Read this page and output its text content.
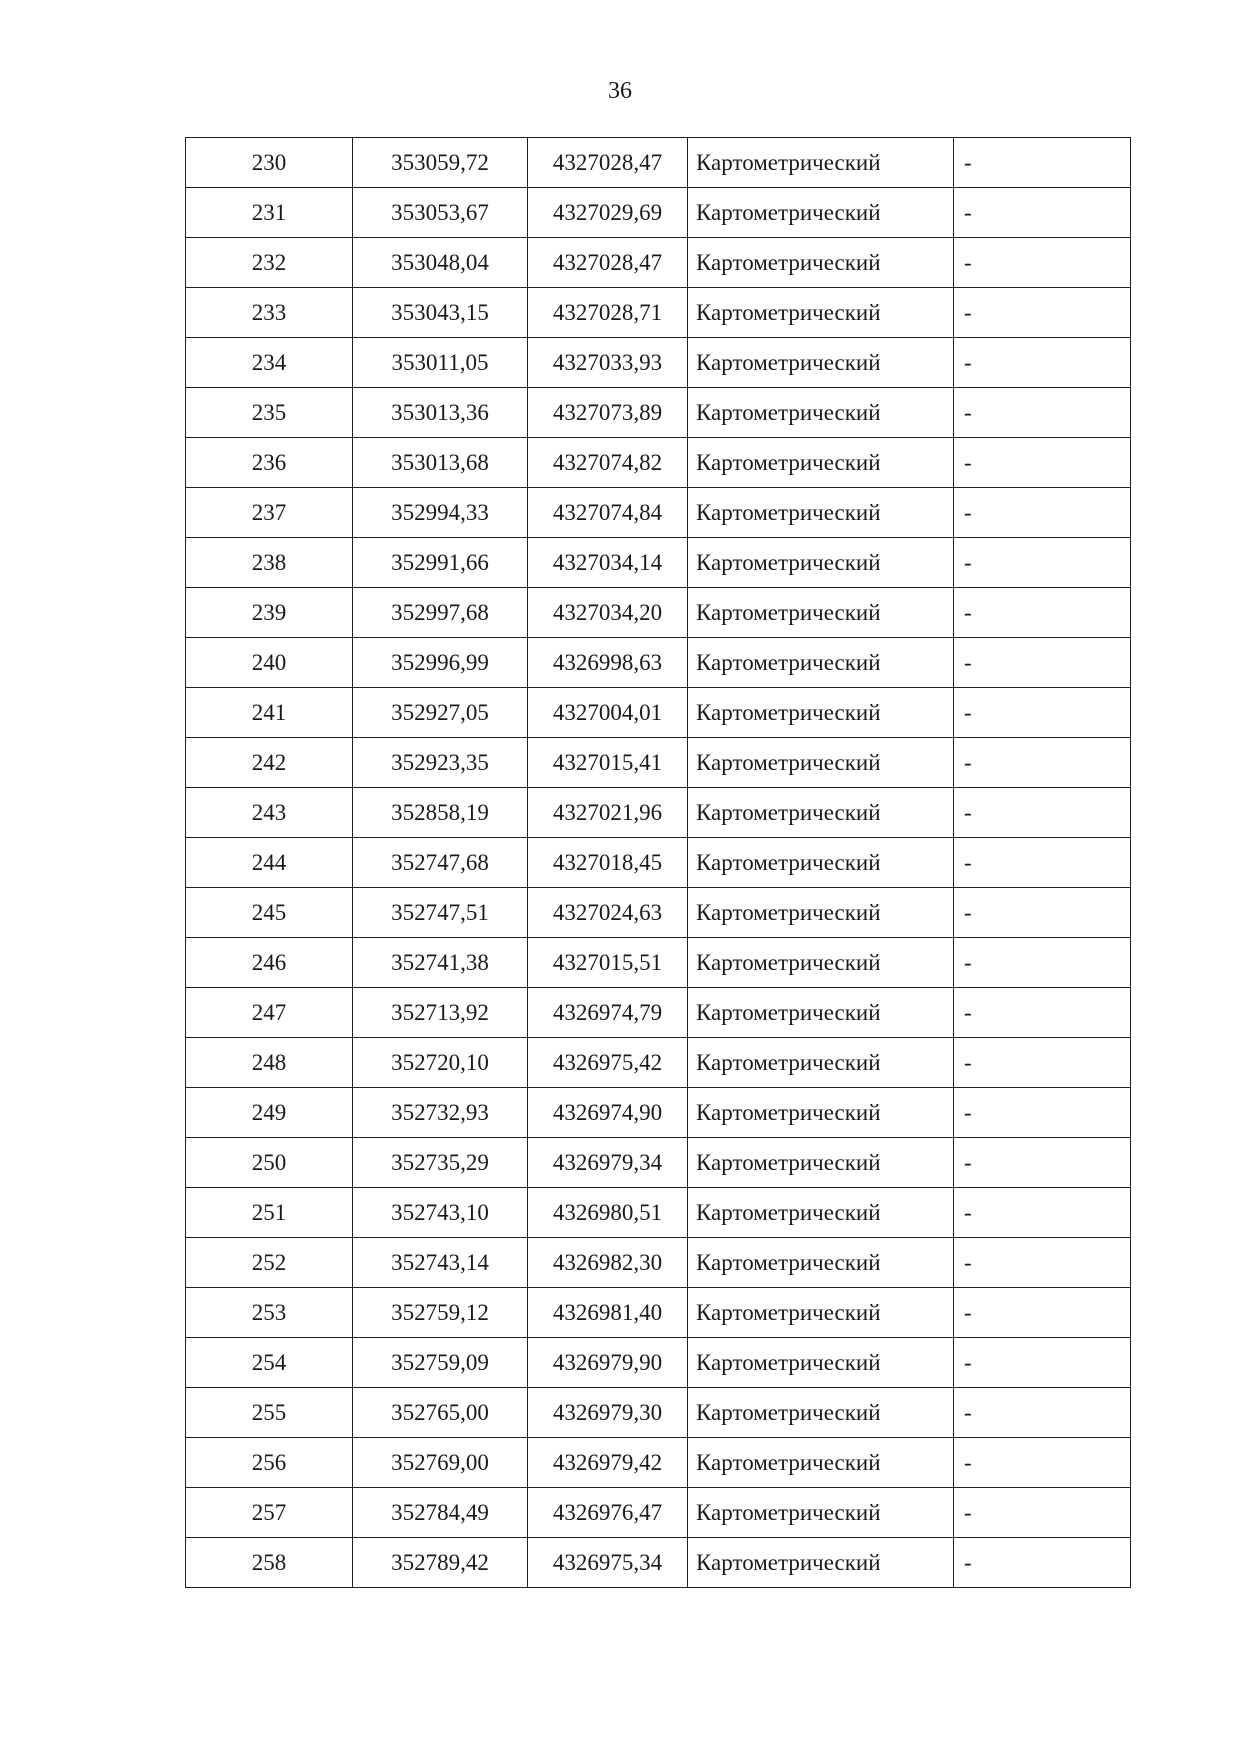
36
230	353059,72	4327028,47	Картометрический	-
231	353053,67	4327029,69	Картометрический	-
232	353048,04	4327028,47	Картометрический	-
233	353043,15	4327028,71	Картометрический	-
234	353011,05	4327033,93	Картометрический	-
235	353013,36	4327073,89	Картометрический	-
236	353013,68	4327074,82	Картометрический	-
237	352994,33	4327074,84	Картометрический	-
238	352991,66	4327034,14	Картометрический	-
239	352997,68	4327034,20	Картометрический	-
240	352996,99	4326998,63	Картометрический	-
241	352927,05	4327004,01	Картометрический	-
242	352923,35	4327015,41	Картометрический	-
243	352858,19	4327021,96	Картометрический	-
244	352747,68	4327018,45	Картометрический	-
245	352747,51	4327024,63	Картометрический	-
246	352741,38	4327015,51	Картометрический	-
247	352713,92	4326974,79	Картометрический	-
248	352720,10	4326975,42	Картометрический	-
249	352732,93	4326974,90	Картометрический	-
250	352735,29	4326979,34	Картометрический	-
251	352743,10	4326980,51	Картометрический	-
252	352743,14	4326982,30	Картометрический	-
253	352759,12	4326981,40	Картометрический	-
254	352759,09	4326979,90	Картометрический	-
255	352765,00	4326979,30	Картометрический	-
256	352769,00	4326979,42	Картометрический	-
257	352784,49	4326976,47	Картометрический	-
258	352789,42	4326975,34	Картометрический	-
